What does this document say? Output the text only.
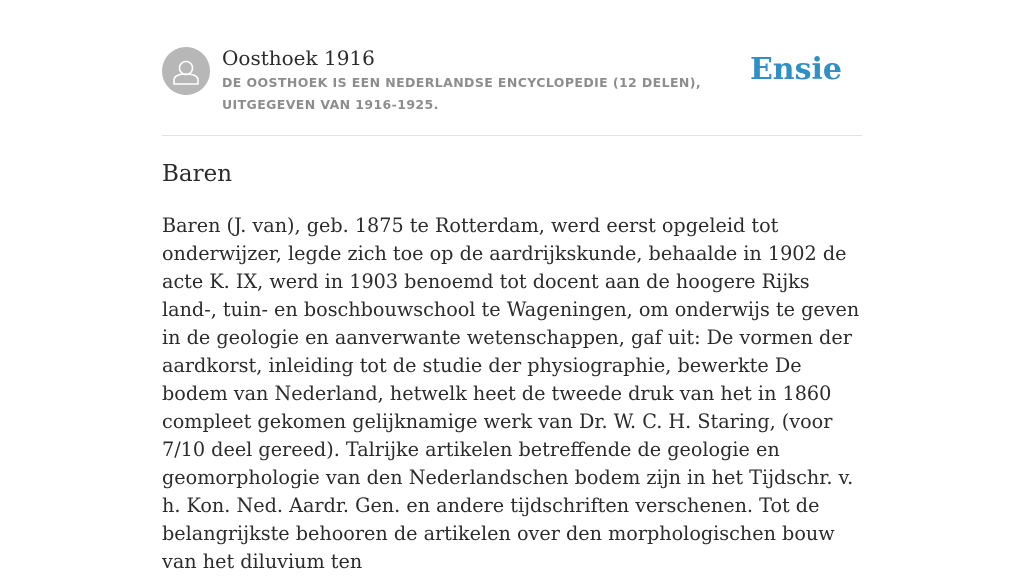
Oosthoek 1916
DE OOSTHOEK IS EEN NEDERLANDSE ENCYCLOPEDIE (12 DELEN), UITGEGEVEN VAN 1916-1925.
Ensie
Baren

Baren (J. van), geb. 1875 te Rotterdam, werd eerst opgeleid tot onderwijzer, legde zich toe op de aardrijkskunde, behaalde in 1902 de acte K. IX, werd in 1903 benoemd tot docent aan de hoogere Rijks land-, tuin- en boschbouwschool te Wageningen, om onderwijs te geven in de geologie en aanverwante wetenschappen, gaf uit: De vormen der aardkorst, inleiding tot de studie der physiographie, bewerkte De bodem van Nederland, hetwelk heet de tweede druk van het in 1860 compleet gekomen gelijknamige werk van Dr. W. C. H. Staring, (voor 7/10 deel gereed). Talrijke artikelen betreffende de geologie en geomorphologie van den Nederlandschen bodem zijn in het Tijdschr. v. h. Kon. Ned. Aardr. Gen. en andere tijdschriften verschenen. Tot de belangrijkste behooren de artikelen over den morphologischen bouw van het diluvium ten
